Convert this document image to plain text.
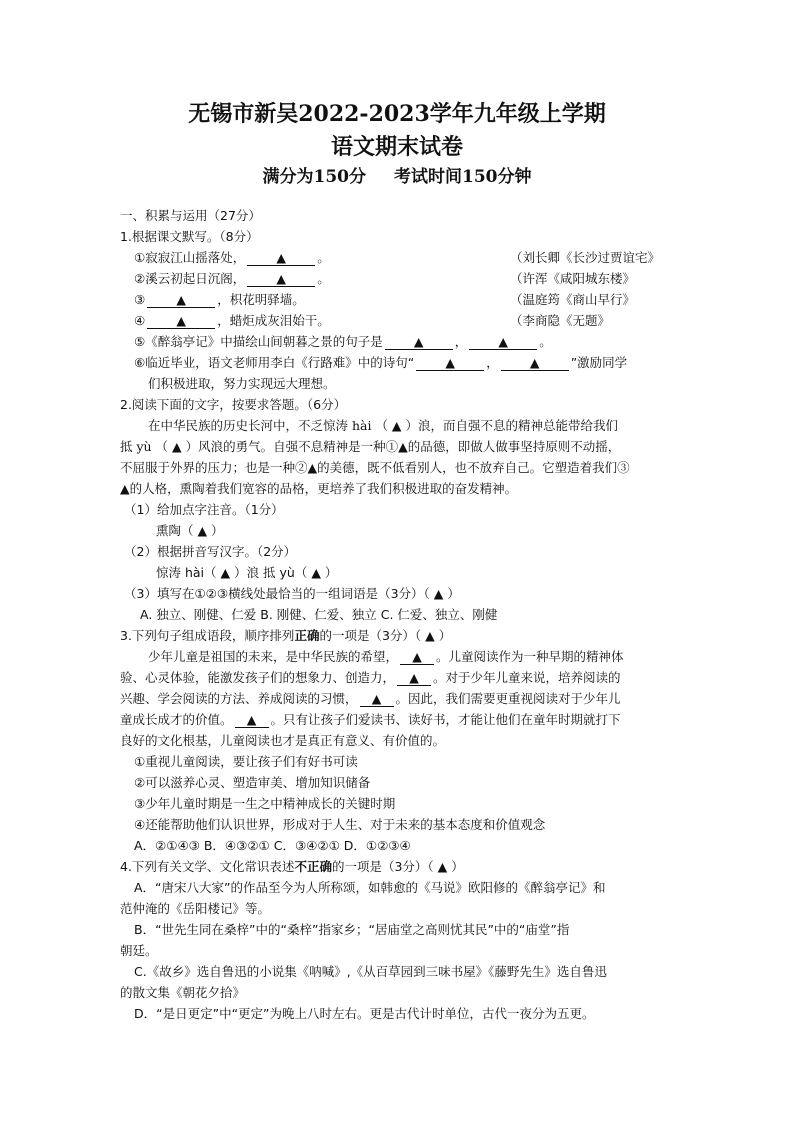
无锡市新吴2022-2023学年九年级上学期
语文期末试卷
满分为150分 考试时间150分钟
一、积累与运用（27分）
1.根据课文默写。（8分）
①寂寂江山摇落处， ▲ 。	（刘长卿《长沙过贾谊宅》
②溪云初起日沉阁， ▲ 。	（许浑《咸阳城东楼》
③ ▲ ，枳花明驿墙。	（温庭筠《商山早行》
④ ▲ ，蜡炬成灰泪始干。	（李商隐《无题》
⑤《醉翁亭记》中描绘山间朝暮之景的句子是 ▲ ， ▲ 。
⑥临近毕业，语文老师用李白《行路难》中的诗句“ ▲ ， ▲ ”激励同学
们积极进取，努力实现远大理想。
2.阅读下面的文字，按要求答题。（6分）
在中华民族的历史长河中，不乏惊涛 hài （ ▲ ）浪，而自强不息的精神总能带给我们
抵 yù （ ▲ ）风浪的勇气。自强不息精神是一种①▲的品德，即做人做事坚持原则不动摇，
不屈服于外界的压力；也是一种②▲的美德，既不低看别人，也不放弃自己。它塑造着我们③
▲的人格，熏陶着我们宽容的品格，更培养了我们积极进取的奋发精神。
（1）给加点字注音。（1分）
熏陶（ ▲ ）
（2）根据拼音写汉字。（2分）
惊涛 hài（ ▲ ）浪 抵 yù（ ▲ ）
（3）填写在①②③横线处最恰当的一组词语是（3分）（ ▲ ）
A. 独立、刚健、仁爱 B. 刚健、仁爱、独立 C. 仁爱、独立、刚健
3.下列句子组成语段，顺序排列正确的一项是（3分）（ ▲ ）
少年儿童是祖国的未来，是中华民族的希望， ▲ 。儿童阅读作为一种早期的精神体
验、心灵体验，能激发孩子们的想象力、创造力， ▲ 。对于少年儿童来说，培养阅读的
兴趣、学会阅读的方法、养成阅读的习惯， ▲ 。因此，我们需要更重视阅读对于少年儿
童成长成才的价值。 ▲ 。只有让孩子们爱读书、读好书，才能让他们在童年时期就打下
良好的文化根基，儿童阅读也才是真正有意义、有价值的。
①重视儿童阅读，要让孩子们有好书可读
②可以滋养心灵、塑造审美、增加知识储备
③少年儿童时期是一生之中精神成长的关键时期
④还能帮助他们认识世界，形成对于人生、对于未来的基本态度和价值观念
A．②①④③ B．④③②① C．③④②① D．①②③④
4.下列有关文学、文化常识表述不正确的一项是（3分）（ ▲ ）
A．“唐宋八大家”的作品至今为人所称颂，如韩愈的《马说》欧阳修的《醉翁亭记》和
范仲淹的《岳阳楼记》等。
B．“世先生同在桑梓”中的“桑梓”指家乡；“居庙堂之高则忧其民”中的“庙堂”指
朝廷。
C.《故乡》选自鲁迅的小说集《呐喊》,《从百草园到三味书屋》《藤野先生》选自鲁迅
的散文集《朝花夕拾》
D．“是日更定”中“更定”为晚上八时左右。更是古代计时单位，古代一夜分为五更。
